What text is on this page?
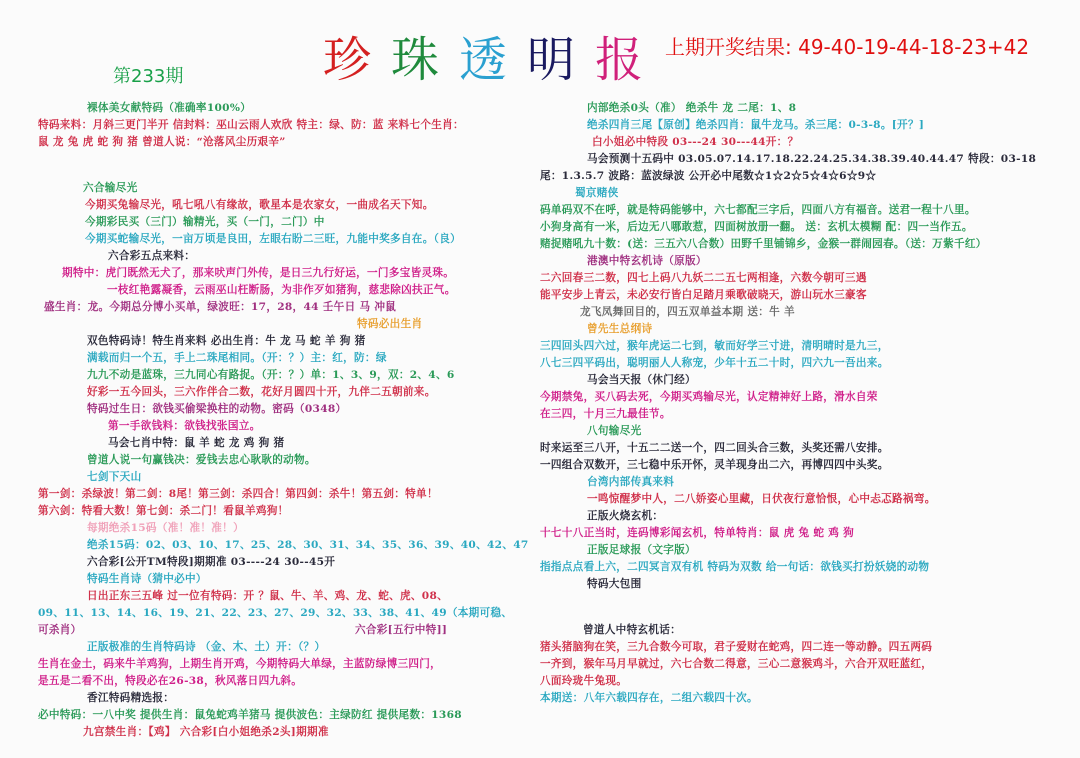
珍 珠 透 明 报 上期开奖结果: 49-40-19-44-18-23+42
第233期
裸体美女献特码（准确率100%）
特码来料：月斜三更门半开 信封料：巫山云雨人欢欣 特主：绿、防：蓝 来料七个生肖：
鼠 龙 兔 虎 蛇 狗 猪 曾道人说：“沧落风尘历艰辛”
六合输尽光
今期买兔输尽光，吼七吼八有缘故，歌星本是农家女，一曲成名天下知。
今期彩民买（三门）输精光，买（一门，二门）中
今期买蛇输尽光，一亩万顷是良田，左眼右盼二三旺，九能中奖多自在。（良）
六合彩五点来料：
期特中：虎门既然无犬了，那来吠声门外传，是日三九行好运，一门多宝皆灵珠。
一枝红艳露凝香，云雨巫山枉断肠，为非作歹如猪狗，慈悲除凶扶正气。
盛生肖：龙。今期总分博小买单，绿波旺：17，28，44 壬午日 马 冲鼠
特码必出生肖
双色特码诗！特生肖来料 必出生肖：牛 龙 马 蛇 羊 狗 猪
满载而归一个五，手上二珠尾相同。（开：？）主：红，防：绿
九九不动是蓝珠，三九同心有路捉。（开：？）单：1、3、9，双：2、4、6
好彩一五今回头，三六作伴合二数，花好月圆四十开，九伴二五朝前来。
特码过生日：欲钱买偷梁换柱的动物。密码（0348）
第一手欲钱料：欲钱找张国立。
马会七肖中特：鼠 羊 蛇 龙 鸡 狗 猪
曾道人说一句赢钱决：爱钱去忠心耿耿的动物。
七剑下天山
第一剑：杀绿波！第二剑：8尾！第三剑：杀四合！第四剑：杀牛！第五剑：特单！
第六剑：特看大数！第七剑：杀二门！看鼠羊鸡狗！
每期绝杀15码（准！准！准！）
绝杀15码：02、03、10、17、25、28、30、31、34、35、36、39、40、42、47
六合彩[公开TM特段]期期准 03----24 30--45开
特码生肖诗（猜中必中）
日出正东三五峰 过一位有特码：开 ？鼠、牛、羊、鸡、龙、蛇、虎、08、
09、11、13、14、16、19、21、22、23、27、29、32、33、38、41、49（本期可稳、
可杀肖）	六合彩[五行中特]]
正版极准的生肖特码诗 （金、木、土）开：（？）
生肖在金土，码来牛羊鸡狗，上期生肖开鸡，今期特码大单绿，主蓝防绿博三四门，
是五是二看不出，特段必在26-38，秋风落日四九斜。
香江特码精选报：
必中特码：一八中奖 提供生肖：鼠兔蛇鸡羊猪马 提供波色：主绿防红 提供尾数：1368
九宫禁生肖：【鸡】 六合彩[白小姐绝杀2头]期期准
内部绝杀0头（准） 绝杀牛 龙 二尾：1、8
绝杀四肖三尾【原创】绝杀四肖：鼠牛龙马。杀三尾：0-3-8。[开？]
白小姐必中特段 03---24 30---44开：？
马会预测十五码中 03.05.07.14.17.18.22.24.25.34.38.39.40.44.47 特段：03-18
尾：1.3.5.7 波路：蓝波绿波 公开必中尾数☆1☆2☆5☆4☆6☆9☆
蜀京赌侠
码单码双不在呼，就是特码能够中，六七都配三字后，四面八方有福音。送君一程十八里。
小狗身高有一米，后边无八哪敢惹，四面树放册一翻。 送：玄机太模糊 配：四一当作五。
赌捉赌吼九十数：(送：三五六八合数）田野千里铺锦乡，金猴一群闹园春。（送：万紫千红）
港澳中特玄机诗（原版）
二六回春三二数，四七上码八九妖二二五七两相逢，六数今朝可三遇
能平安步上青云，未必安行皆白足踏月乘歌破晓天，游山玩水三豪客
龙飞凤舞回目的，四五双单益本期 送：牛 羊
曾先生总纲诗
三四回头四六过，猴年虎运二七到，敏而好学三寸进，清明晴时是九三，
八七三四平码出，聪明丽人人称宠，少年十五二十时，四六九一吾出来。
马会当天报（休门经）
今期禁兔，买八码去死，今期买鸡输尽光，认定精神好上路，滑水自荣
在三四，十月三九最佳节。
八句输尽光
时来运至三八开，十五二二送一个，四二回头合三数，头奖还需八安排。
一四组合双数开，三七稳中乐开怀，灵羊现身出二六，再博四四中头奖。
台湾内部传真来料
一鸣惊醒梦中人，二八娇姿心里藏，日伏夜行意恰恨，心中忐忑路祸弯。
正版火烧玄机：
十七十八正当时，连码博彩闻玄机，特单特肖：鼠 虎 兔 蛇 鸡 狗
正版足球报（文字版）
指指点点看上六，二四冥言双有机 特码为双数 给一句话：欲钱买打扮妖娆的动物
特码大包围
曾道人中特玄机话：
猪头猪脑狗在笑，三九合数今可取，君子爱财在蛇鸡，四二连一等动静。四五两码
一齐到，猴年马月早就过，六七合数二得意，三心二意猴鸡斗，六合开双旺蓝红，
八面玲珑牛兔现。
本期送：八年六载四存在，二组六载四十次。
